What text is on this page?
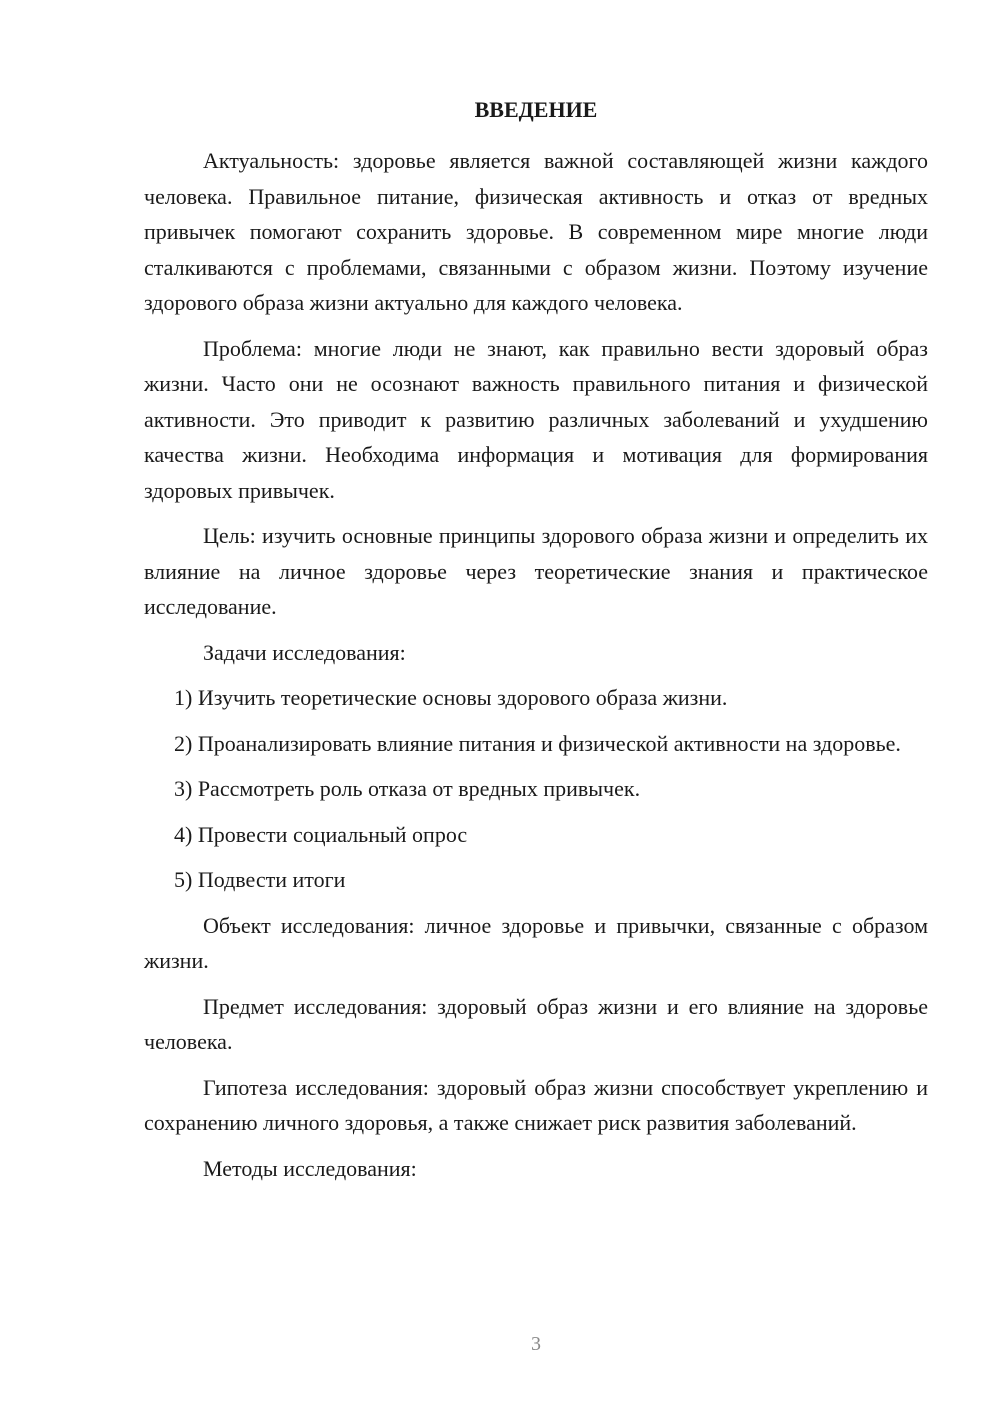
ВВЕДЕНИЕ

Актуальность: здоровье является важной составляющей жизни каждого человека. Правильное питание, физическая активность и отказ от вредных привычек помогают сохранить здоровье. В современном мире многие люди сталкиваются с проблемами, связанными с образом жизни. Поэтому изучение здорового образа жизни актуально для каждого человека.

Проблема: многие люди не знают, как правильно вести здоровый образ жизни. Часто они не осознают важность правильного питания и физической активности. Это приводит к развитию различных заболеваний и ухудшению качества жизни. Необходима информация и мотивация для формирования здоровых привычек.

Цель: изучить основные принципы здорового образа жизни и определить их влияние на личное здоровье через теоретические знания и практическое исследование.

Задачи исследования:

1) Изучить теоретические основы здорового образа жизни.

2) Проанализировать влияние питания и физической активности на здоровье.

3) Рассмотреть роль отказа от вредных привычек.

4) Провести социальный опрос

5) Подвести итоги

Объект исследования: личное здоровье и привычки, связанные с образом жизни.

Предмет исследования: здоровый образ жизни и его влияние на здоровье человека.

Гипотеза исследования: здоровый образ жизни способствует укреплению и сохранению личного здоровья, а также снижает риск развития заболеваний.

Методы исследования:

3
